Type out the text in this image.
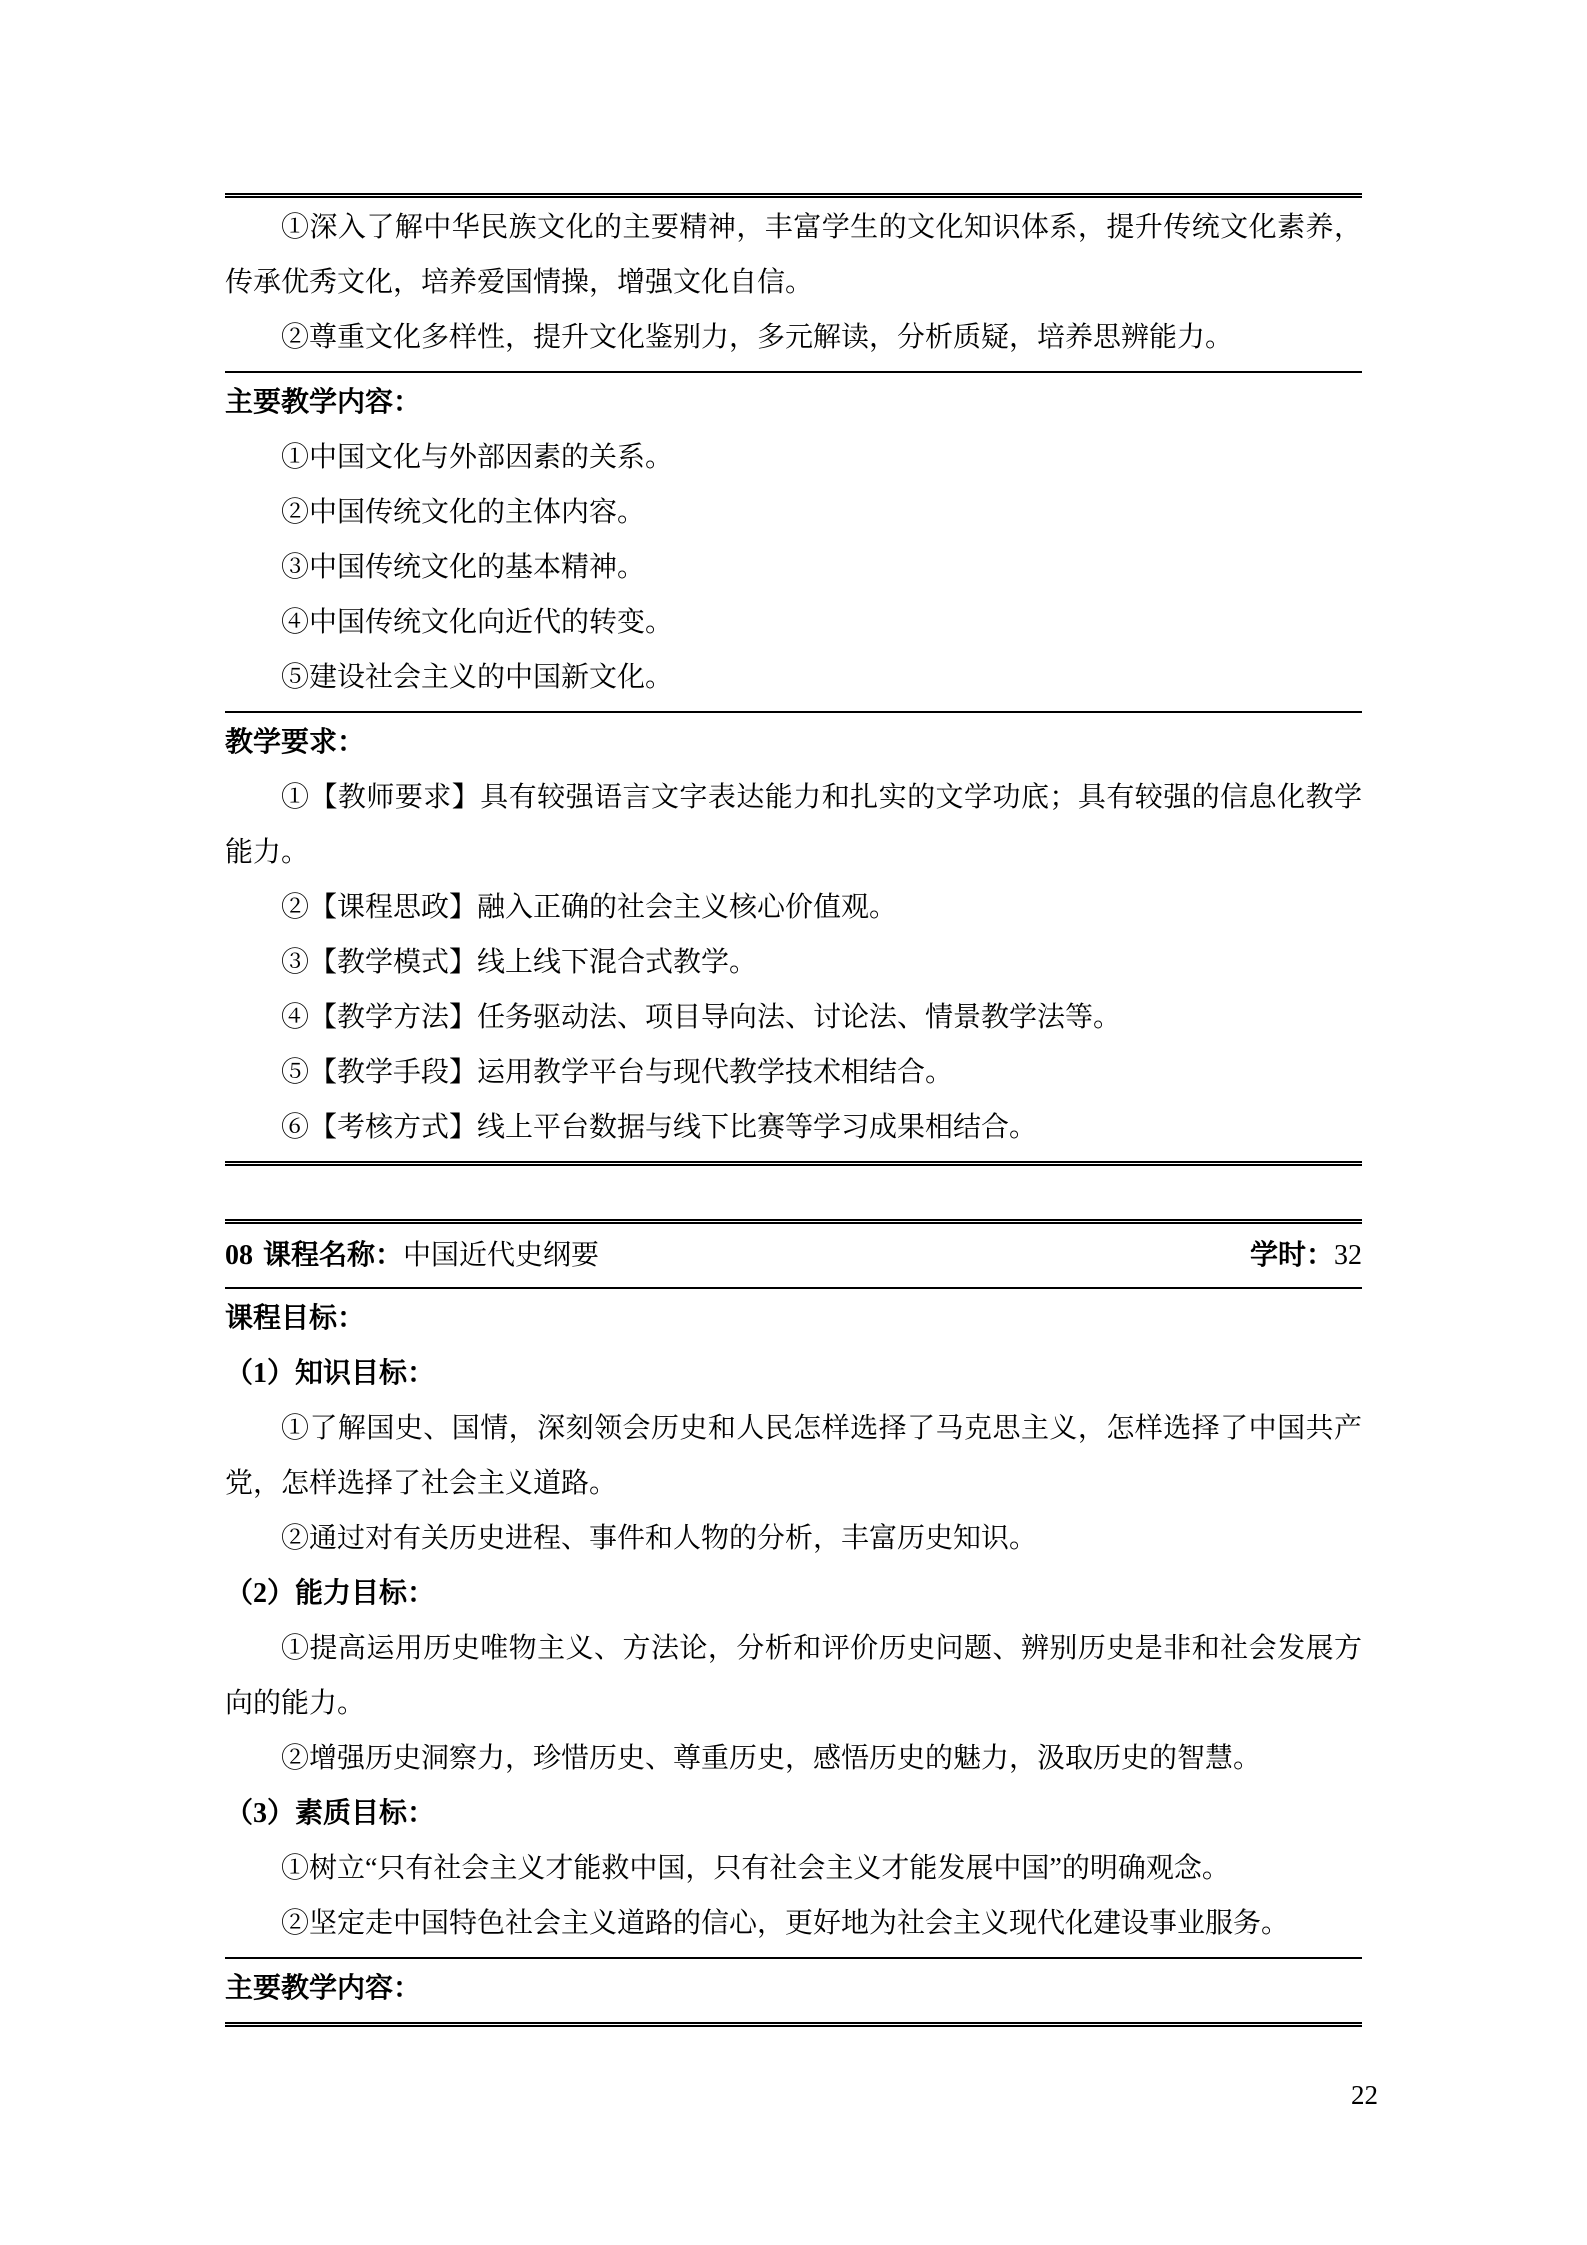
①深入了解中华民族文化的主要精神，丰富学生的文化知识体系，提升传统文化素养，传承优秀文化，培养爱国情操，增强文化自信。

②尊重文化多样性，提升文化鉴别力，多元解读，分析质疑，培养思辨能力。

主要教学内容：

①中国文化与外部因素的关系。

②中国传统文化的主体内容。

③中国传统文化的基本精神。

④中国传统文化向近代的转变。

⑤建设社会主义的中国新文化。

教学要求：

①【教师要求】具有较强语言文字表达能力和扎实的文学功底；具有较强的信息化教学能力。

②【课程思政】融入正确的社会主义核心价值观。

③【教学模式】线上线下混合式教学。

④【教学方法】任务驱动法、项目导向法、讨论法、情景教学法等。

⑤【教学手段】运用教学平台与现代教学技术相结合。

⑥【考核方式】线上平台数据与线下比赛等学习成果相结合。

08 课程名称：中国近代史纲要	学时：32

课程目标：

（1）知识目标：

①了解国史、国情，深刻领会历史和人民怎样选择了马克思主义，怎样选择了中国共产党，怎样选择了社会主义道路。

②通过对有关历史进程、事件和人物的分析，丰富历史知识。

（2）能力目标：

①提高运用历史唯物主义、方法论，分析和评价历史问题、辨别历史是非和社会发展方向的能力。

②增强历史洞察力，珍惜历史、尊重历史，感悟历史的魅力，汲取历史的智慧。

（3）素质目标：

①树立“只有社会主义才能救中国，只有社会主义才能发展中国”的明确观念。

②坚定走中国特色社会主义道路的信心，更好地为社会主义现代化建设事业服务。

主要教学内容：

22
